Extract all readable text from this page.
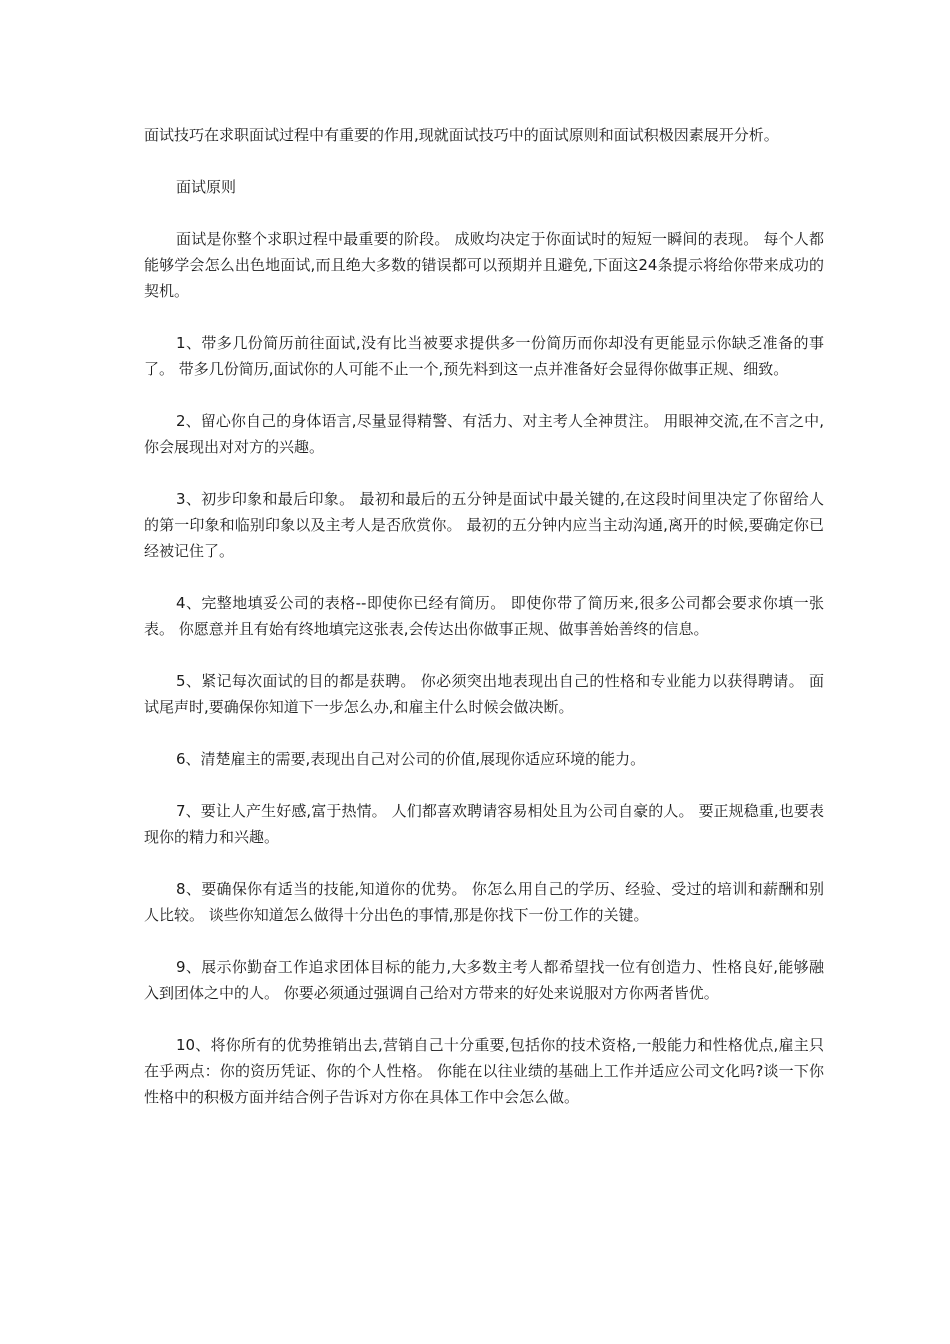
面试技巧在求职面试过程中有重要的作用,现就面试技巧中的面试原则和面试积极因素展开分析。

面试原则

面试是你整个求职过程中最重要的阶段。 成败均决定于你面试时的短短一瞬间的表现。 每个人都能够学会怎么出色地面试,而且绝大多数的错误都可以预期并且避免,下面这24条提示将给你带来成功的契机。

1、带多几份简历前往面试,没有比当被要求提供多一份简历而你却没有更能显示你缺乏准备的事了。 带多几份简历,面试你的人可能不止一个,预先料到这一点并准备好会显得你做事正规、细致。

2、留心你自己的身体语言,尽量显得精警、有活力、对主考人全神贯注。 用眼神交流,在不言之中,你会展现出对对方的兴趣。

3、初步印象和最后印象。 最初和最后的五分钟是面试中最关键的,在这段时间里决定了你留给人的第一印象和临别印象以及主考人是否欣赏你。 最初的五分钟内应当主动沟通,离开的时候,要确定你已经被记住了。

4、完整地填妥公司的表格--即使你已经有简历。 即使你带了简历来,很多公司都会要求你填一张表。 你愿意并且有始有终地填完这张表,会传达出你做事正规、做事善始善终的信息。

5、紧记每次面试的目的都是获聘。 你必须突出地表现出自己的性格和专业能力以获得聘请。 面试尾声时,要确保你知道下一步怎么办,和雇主什么时候会做决断。

6、清楚雇主的需要,表现出自己对公司的价值,展现你适应环境的能力。

7、要让人产生好感,富于热情。 人们都喜欢聘请容易相处且为公司自豪的人。 要正规稳重,也要表现你的精力和兴趣。

8、要确保你有适当的技能,知道你的优势。 你怎么用自己的学历、经验、受过的培训和薪酬和别人比较。 谈些你知道怎么做得十分出色的事情,那是你找下一份工作的关键。

9、展示你勤奋工作追求团体目标的能力,大多数主考人都希望找一位有创造力、性格良好,能够融入到团体之中的人。 你要必须通过强调自己给对方带来的好处来说服对方你两者皆优。

10、将你所有的优势推销出去,营销自己十分重要,包括你的技术资格,一般能力和性格优点,雇主只在乎两点：你的资历凭证、你的个人性格。 你能在以往业绩的基础上工作并适应公司文化吗?谈一下你性格中的积极方面并结合例子告诉对方你在具体工作中会怎么做。
